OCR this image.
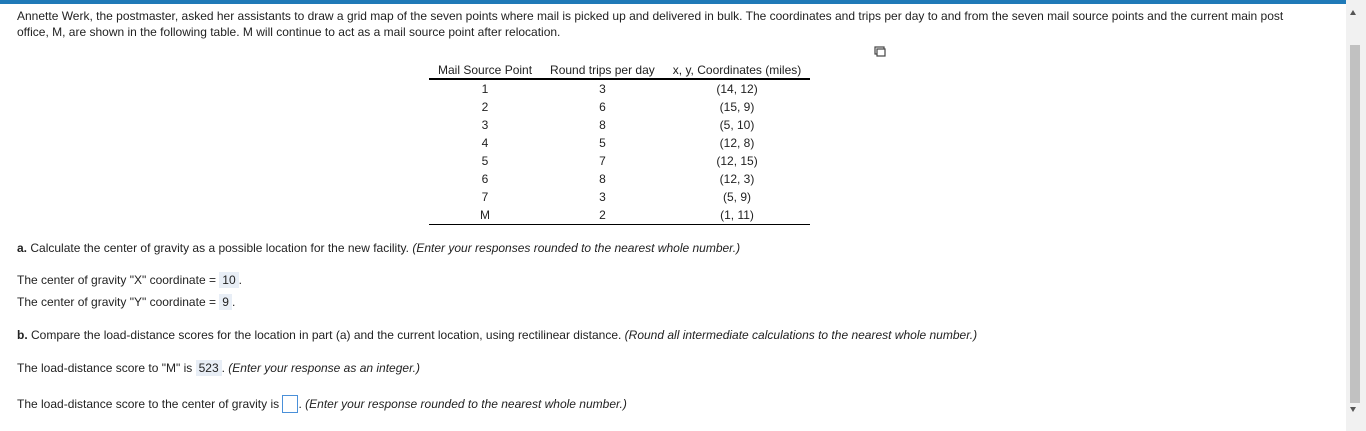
Annette Werk, the postmaster, asked her assistants to draw a grid map of the seven points where mail is picked up and delivered in bulk. The coordinates and trips per day to and from the seven mail source points and the current main post office, M, are shown in the following table. M will continue to act as a mail source point after relocation.

Mail Source Point	Round trips per day	x, y, Coordinates (miles)
1	3	(14, 12)
2	6	(15, 9)
3	8	(5, 10)
4	5	(12, 8)
5	7	(12, 15)
6	8	(12, 3)
7	3	(5, 9)
M	2	(1, 11)
a. Calculate the center of gravity as a possible location for the new facility. (Enter your responses rounded to the nearest whole number.)
The center of gravity "X" coordinate = 10 .
The center of gravity "Y" coordinate = 9 .
b. Compare the load-distance scores for the location in part (a) and the current location, using rectilinear distance. (Round all intermediate calculations to the nearest whole number.)
The load-distance score to "M" is 523 . (Enter your response as an integer.)
The load-distance score to the center of gravity is . (Enter your response rounded to the nearest whole number.)
